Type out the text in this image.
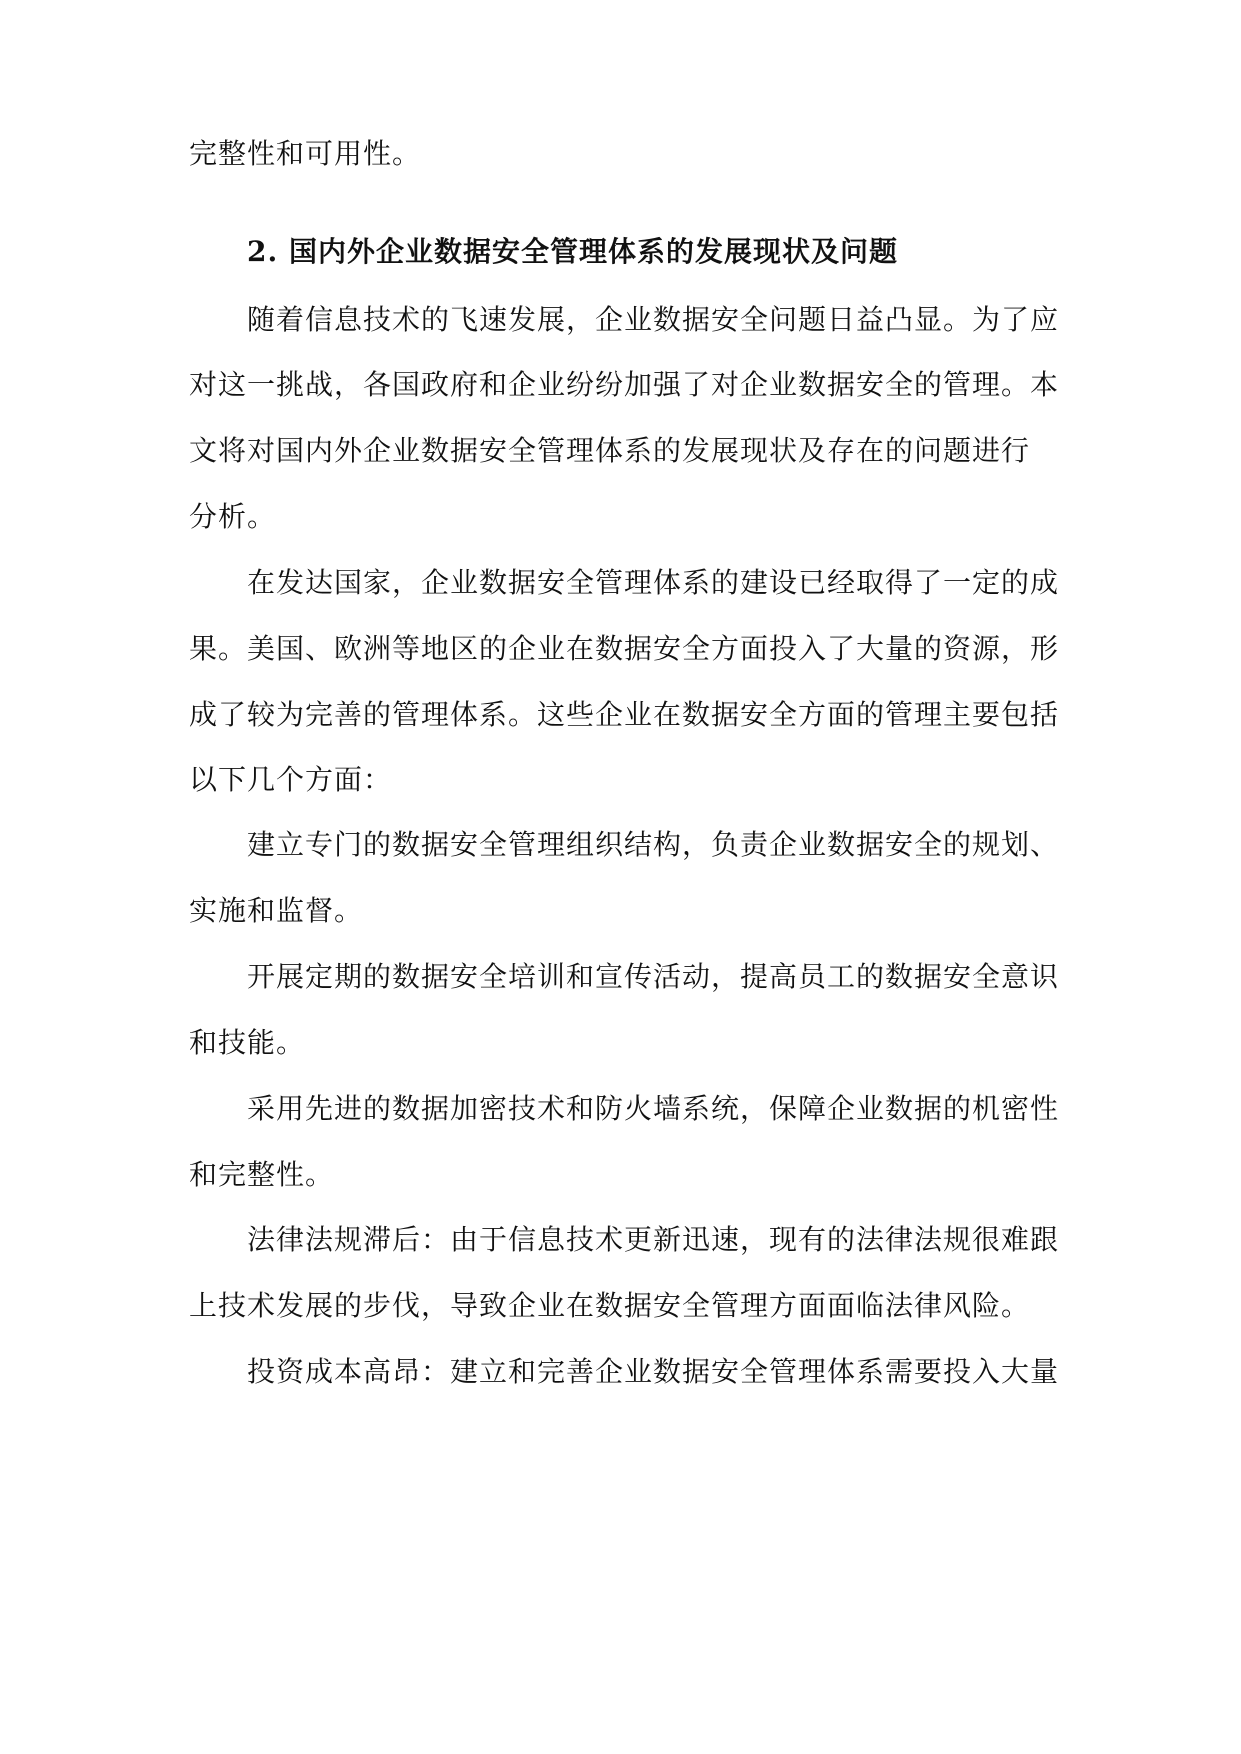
完整性和可用性。
2. 国内外企业数据安全管理体系的发展现状及问题
随着信息技术的飞速发展，企业数据安全问题日益凸显。为了应
对这一挑战，各国政府和企业纷纷加强了对企业数据安全的管理。本
文将对国内外企业数据安全管理体系的发展现状及存在的问题进行
分析。
在发达国家，企业数据安全管理体系的建设已经取得了一定的成
果。美国、欧洲等地区的企业在数据安全方面投入了大量的资源，形
成了较为完善的管理体系。这些企业在数据安全方面的管理主要包括
以下几个方面：
建立专门的数据安全管理组织结构，负责企业数据安全的规划、
实施和监督。
开展定期的数据安全培训和宣传活动，提高员工的数据安全意识
和技能。
采用先进的数据加密技术和防火墙系统，保障企业数据的机密性
和完整性。
法律法规滞后：由于信息技术更新迅速，现有的法律法规很难跟
上技术发展的步伐，导致企业在数据安全管理方面面临法律风险。
投资成本高昂：建立和完善企业数据安全管理体系需要投入大量
